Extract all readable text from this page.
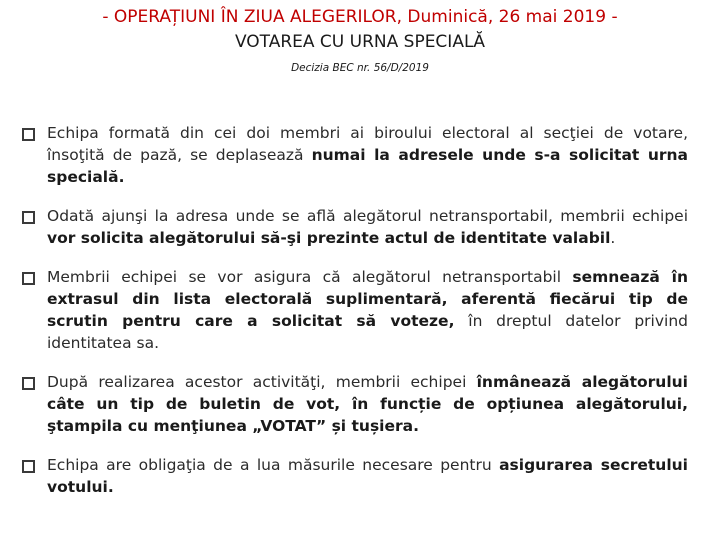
- OPERAȚIUNI ÎN ZIUA ALEGERILOR, Duminică, 26 mai 2019 -
VOTAREA CU URNA SPECIALĂ
Decizia BEC nr. 56/D/2019
Echipa formată din cei doi membri ai biroului electoral al secţiei de votare, însoţită de pază, se deplasează numai la adresele unde s-a solicitat urna specială.
Odată ajunşi la adresa unde se află alegătorul netransportabil, membrii echipei vor solicita alegătorului să-şi prezinte actul de identitate valabil.
Membrii echipei se vor asigura că alegătorul netransportabil semnează în extrasul din lista electorală suplimentară, aferentă fiecărui tip de scrutin pentru care a solicitat să voteze, în dreptul datelor privind identitatea sa.
După realizarea acestor activităţi, membrii echipei înmânează alegătorului câte un tip de buletin de vot, în funcție de opțiunea alegătorului, ştampila cu menţiunea „VOTAT” și tușiera.
Echipa are obligaţia de a lua măsurile necesare pentru asigurarea secretului votului.
